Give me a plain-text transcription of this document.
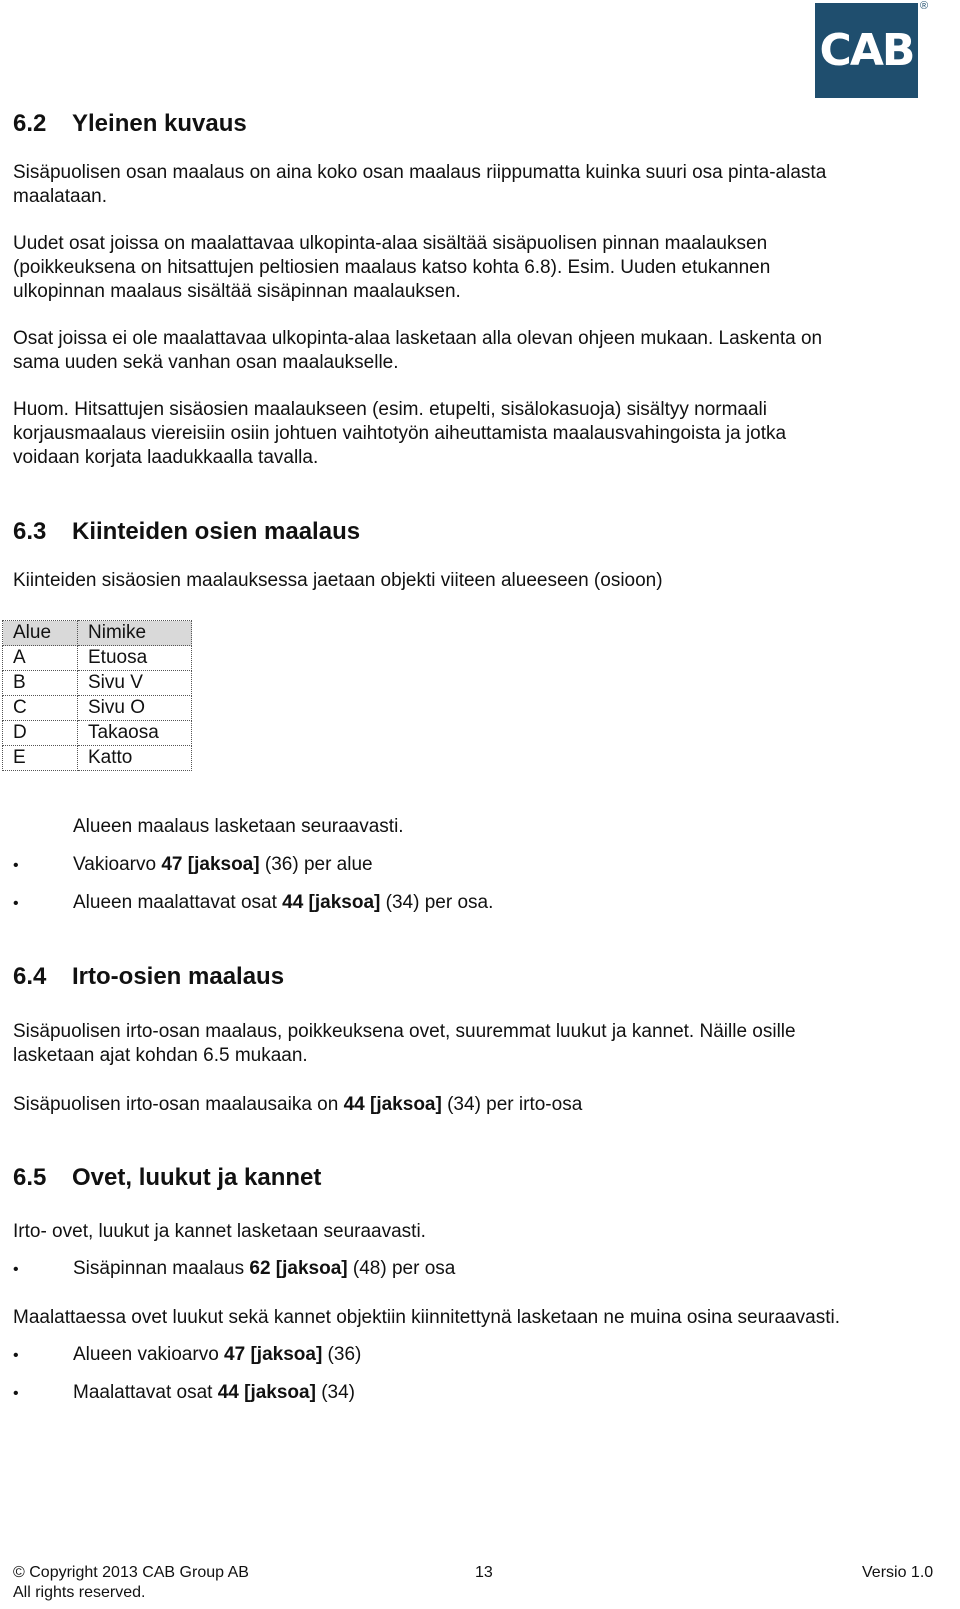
CAB
®
6.2 Yleinen kuvaus
Sisäpuolisen osan maalaus on aina koko osan maalaus riippumatta kuinka suuri osa pinta-alasta
maalataan.
Uudet osat joissa on maalattavaa ulkopinta-alaa sisältää sisäpuolisen pinnan maalauksen
(poikkeuksena on hitsattujen peltiosien maalaus katso kohta 6.8). Esim. Uuden etukannen
ulkopinnan maalaus sisältää sisäpinnan maalauksen.
Osat joissa ei ole maalattavaa ulkopinta-alaa lasketaan alla olevan ohjeen mukaan. Laskenta on
sama uuden sekä vanhan osan maalaukselle.
Huom. Hitsattujen sisäosien maalaukseen (esim. etupelti, sisälokasuoja) sisältyy normaali
korjausmaalaus viereisiin osiin johtuen vaihtotyön aiheuttamista maalausvahingoista ja jotka
voidaan korjata laadukkaalla tavalla.
6.3 Kiinteiden osien maalaus
Kiinteiden sisäosien maalauksessa jaetaan objekti viiteen alueeseen (osioon)
Alue	Nimike
A	Etuosa
B	Sivu V
C	Sivu O
D	Takaosa
E	Katto
Alueen maalaus lasketaan seuraavasti.
•	Vakioarvo 47 [jaksoa] (36) per alue
•	Alueen maalattavat osat 44 [jaksoa] (34) per osa.
6.4 Irto-osien maalaus
Sisäpuolisen irto-osan maalaus, poikkeuksena ovet, suuremmat luukut ja kannet. Näille osille
lasketaan ajat kohdan 6.5 mukaan.
Sisäpuolisen irto-osan maalausaika on 44 [jaksoa] (34) per irto-osa
6.5 Ovet, luukut ja kannet
Irto- ovet, luukut ja kannet lasketaan seuraavasti.
•	Sisäpinnan maalaus 62 [jaksoa] (48) per osa
Maalattaessa ovet luukut sekä kannet objektiin kiinnitettynä lasketaan ne muina osina seuraavasti.
•	Alueen vakioarvo 47 [jaksoa] (36)
•	Maalattavat osat 44 [jaksoa] (34)
© Copyright 2013 CAB Group AB
All rights reserved.
13	Versio 1.0
